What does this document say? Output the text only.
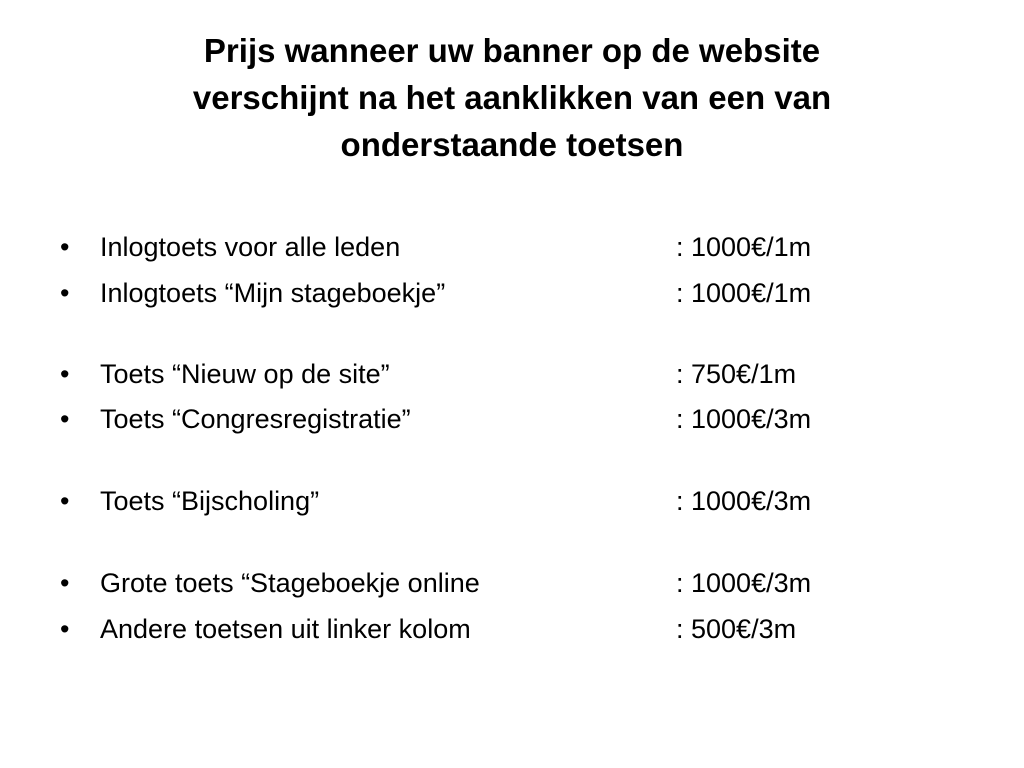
Prijs wanneer uw banner op de website
verschijnt na het aanklikken van een van
onderstaande toetsen
• Inlogtoets voor alle leden	: 1000€/1m
• Inlogtoets “Mijn stageboekje”	: 1000€/1m
• Toets “Nieuw op de site”	: 750€/1m
• Toets “Congresregistratie”	: 1000€/3m
• Toets “Bijscholing”	: 1000€/3m
• Grote toets “Stageboekje online	: 1000€/3m
• Andere toetsen uit linker kolom	: 500€/3m
